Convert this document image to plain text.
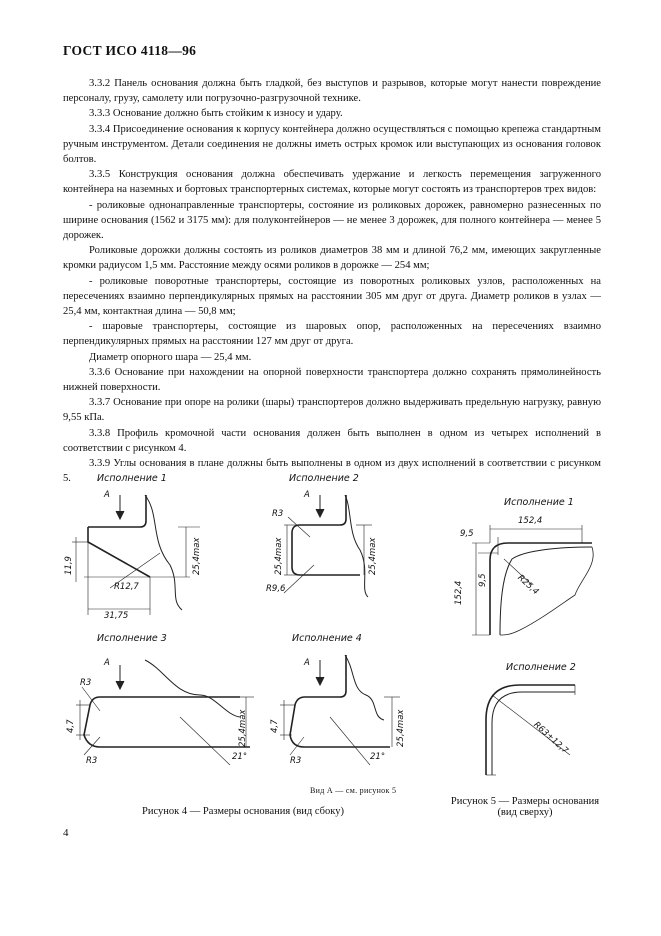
ГОСТ ИСО 4118—96

3.3.2 Панель основания должна быть гладкой, без выступов и разрывов, которые могут нанести повреждение персоналу, грузу, самолету или погрузочно-разгрузочной технике.

3.3.3 Основание должно быть стойким к износу и удару.

3.3.4 Присоединение основания к корпусу контейнера должно осуществляться с помощью крепежа стандартным ручным инструментом. Детали соединения не должны иметь острых кромок или выступающих из основания головок болтов.

3.3.5 Конструкция основания должна обеспечивать удержание и легкость перемещения загруженного контейнера на наземных и бортовых транспортерных системах, которые могут состоять из транспортеров трех видов:

- роликовые однонаправленные транспортеры, состояние из роликовых дорожек, равномерно разнесенных по ширине основания (1562 и 3175 мм): для полуконтейнеров — не менее 3 дорожек, для полного контейнера — менее 5 дорожек.

Роликовые дорожки должны состоять из роликов диаметров 38 мм и длиной 76,2 мм, имеющих закругленные кромки радиусом 1,5 мм. Расстояние между осями роликов в дорожке — 254 мм;

- роликовые поворотные транспортеры, состоящие из поворотных роликовых узлов, расположенных на пересечениях взаимно перпендикулярных прямых на расстоянии 305 мм друг от друга. Диаметр роликов в узлах — 25,4 мм, контактная длина — 50,8 мм;

- шаровые транспортеры, состоящие из шаровых опор, расположенных на пересечениях взаимно перпендикулярных прямых на расстоянии 127 мм друг от друга.

Диаметр опорного шара — 25,4 мм.

3.3.6 Основание при нахождении на опорной поверхности транспортера должно сохранять прямолинейность нижней поверхности.

3.3.7 Основание при опоре на ролики (шары) транспортеров должно выдерживать предельную нагрузку, равную 9,55 кПа.

3.3.8 Профиль кромочной части основания должен быть выполнен в одном из четырех исполнений в соответствии с рисунком 4.

3.3.9 Углы основания в плане должны быть выполнены в одном из двух исполнений в соответствии с рисунком 5.	Исполнение 1	Исполнение 2
Исполнение 3	Исполнение 4
A	A
A	A
11,9
R12,7
31,75
25,4max
R3
25,4max
R9,6
25,4max
R3
4,7
R3
25,4max
21°
4,7
R3
25,4max
21°
Вид А — см. рисунок 5
Рисунок 4 — Размеры основания (вид сбоку)
Исполнение 1
152,4
9,5
152,4
9,5	R25,4
Исполнение 2
R63±12,7
Рисунок 5 — Размеры основания (вид сверху)
4
